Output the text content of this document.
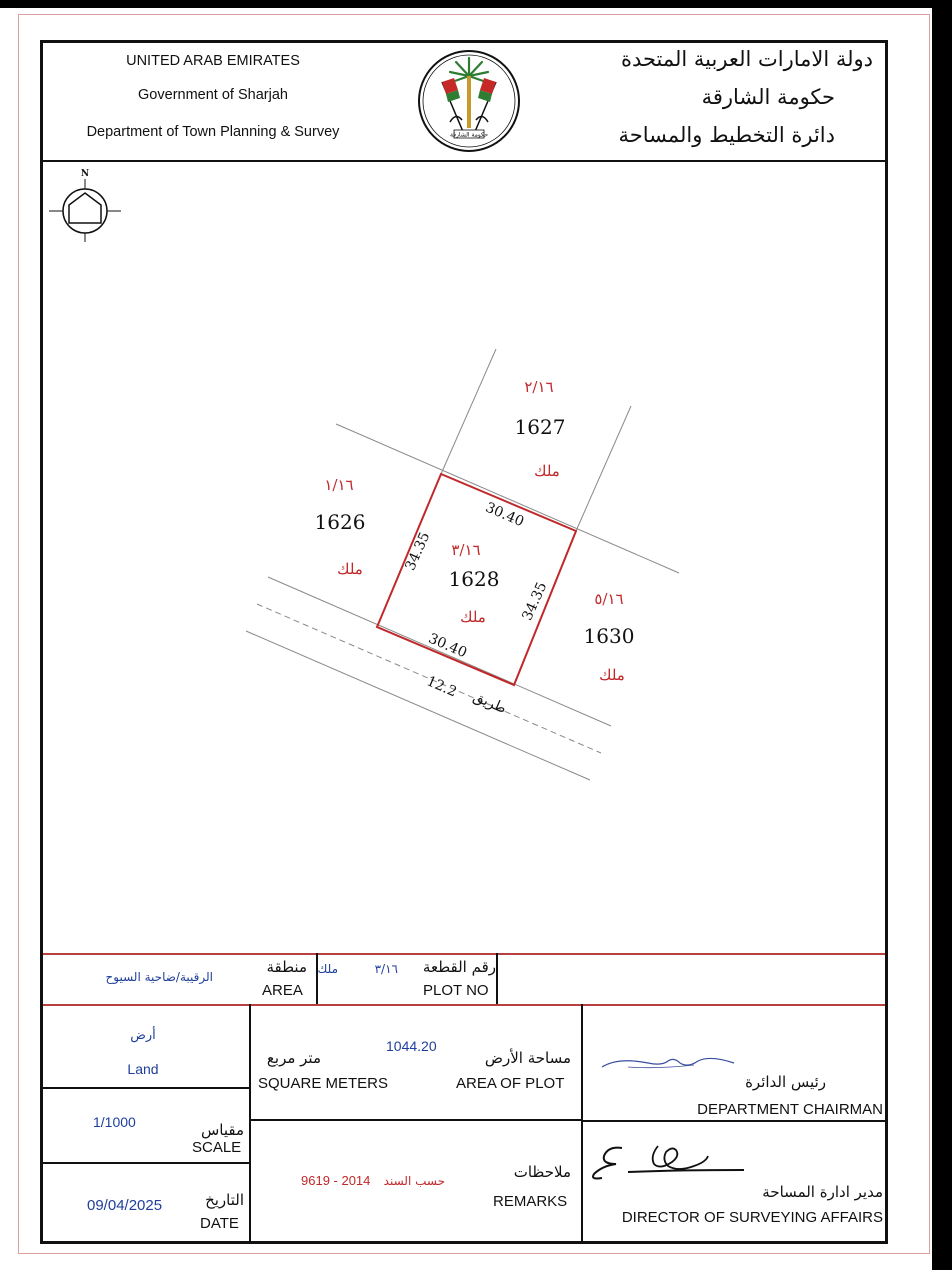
UNITED ARAB EMIRATES
Government of Sharjah
Department of Town Planning & Survey
دولة الامارات العربية المتحدة
حكومة الشارقة
دائرة التخطيط والمساحة
حكومة الشارقة
N
٣/١٦
1628
ملك
30.40
30.40
34.35
34.35
٢/١٦
1627
ملك
١/١٦
1626
ملك
٥/١٦
1630
ملك
12.2
طريق
الرقيبة/ضاحية السيوح
منطقة
AREA
ملك	٣/١٦ رقم القطعة
PLOT NO
أرض
Land
1/1000	مقياس
SCALE
09/04/2025	التاريخ
DATE
1044.20
متر مربع
SQUARE METERS
مساحة الأرض
AREA OF PLOT
9619 - 2014 حسب السند	ملاحظات
REMARKS
رئيس الدائرة
DEPARTMENT CHAIRMAN
مدير ادارة المساحة
DIRECTOR OF SURVEYING AFFAIRS
